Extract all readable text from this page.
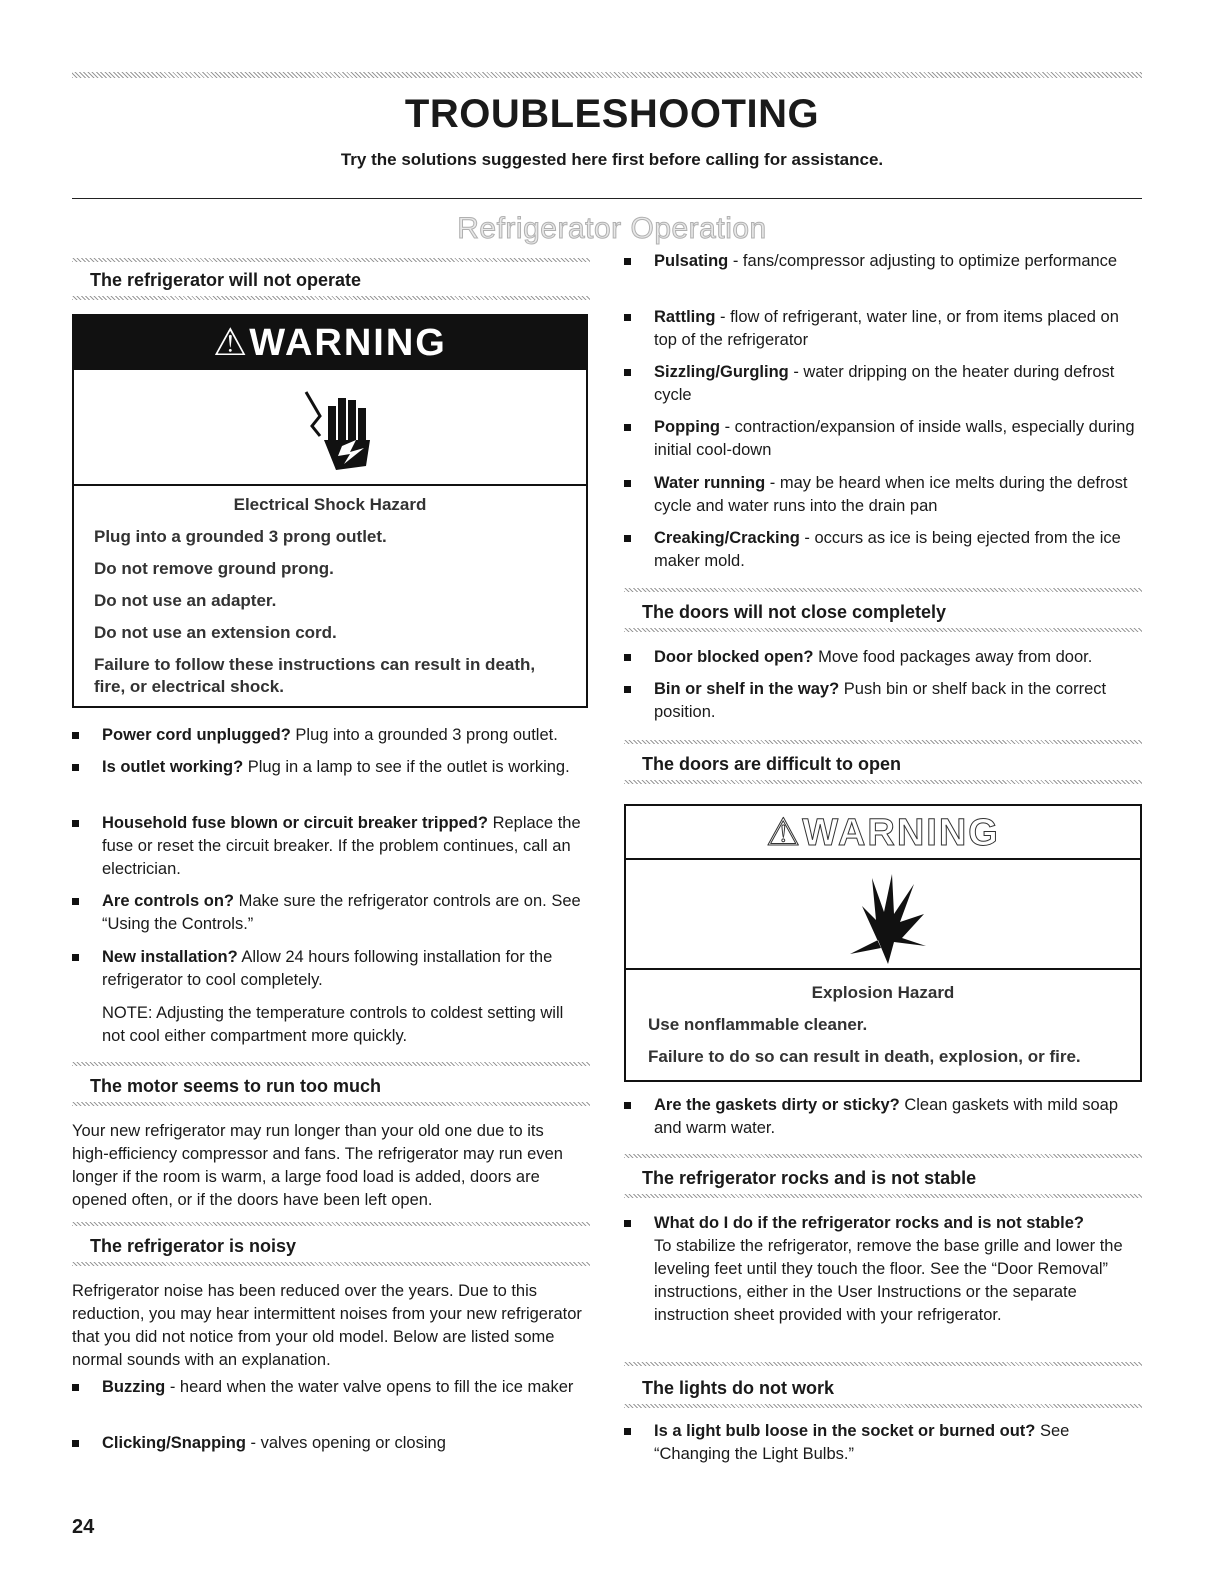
TROUBLESHOOTING
Try the solutions suggested here first before calling for assistance.
Refrigerator Operation
The refrigerator will not operate
⚠WARNING
Electrical Shock Hazard
Plug into a grounded 3 prong outlet.
Do not remove ground prong.
Do not use an adapter.
Do not use an extension cord.
Failure to follow these instructions can result in death, fire, or electrical shock.
Power cord unplugged? Plug into a grounded 3 prong outlet.
Is outlet working? Plug in a lamp to see if the outlet is working.
Household fuse blown or circuit breaker tripped? Replace the fuse or reset the circuit breaker. If the problem continues, call an electrician.
Are controls on? Make sure the refrigerator controls are on. See “Using the Controls.”
New installation? Allow 24 hours following installation for the refrigerator to cool completely.
NOTE: Adjusting the temperature controls to coldest setting will not cool either compartment more quickly.
The motor seems to run too much
Your new refrigerator may run longer than your old one due to its high-efficiency compressor and fans. The refrigerator may run even longer if the room is warm, a large food load is added, doors are opened often, or if the doors have been left open.
The refrigerator is noisy
Refrigerator noise has been reduced over the years. Due to this reduction, you may hear intermittent noises from your new refrigerator that you did not notice from your old model. Below are listed some normal sounds with an explanation.
Buzzing - heard when the water valve opens to fill the ice maker
Clicking/Snapping - valves opening or closing
Pulsating - fans/compressor adjusting to optimize performance
Rattling - flow of refrigerant, water line, or from items placed on top of the refrigerator
Sizzling/Gurgling - water dripping on the heater during defrost cycle
Popping - contraction/expansion of inside walls, especially during initial cool-down
Water running - may be heard when ice melts during the defrost cycle and water runs into the drain pan
Creaking/Cracking - occurs as ice is being ejected from the ice maker mold.
The doors will not close completely
Door blocked open? Move food packages away from door.
Bin or shelf in the way? Push bin or shelf back in the correct position.
The doors are difficult to open
⚠WARNING
Explosion Hazard
Use nonflammable cleaner.
Failure to do so can result in death, explosion, or fire.
Are the gaskets dirty or sticky? Clean gaskets with mild soap and warm water.
The refrigerator rocks and is not stable
What do I do if the refrigerator rocks and is not stable?
To stabilize the refrigerator, remove the base grille and lower the leveling feet until they touch the floor. See the “Door Removal” instructions, either in the User Instructions or the separate instruction sheet provided with your refrigerator.
The lights do not work
Is a light bulb loose in the socket or burned out? See “Changing the Light Bulbs.”
24
